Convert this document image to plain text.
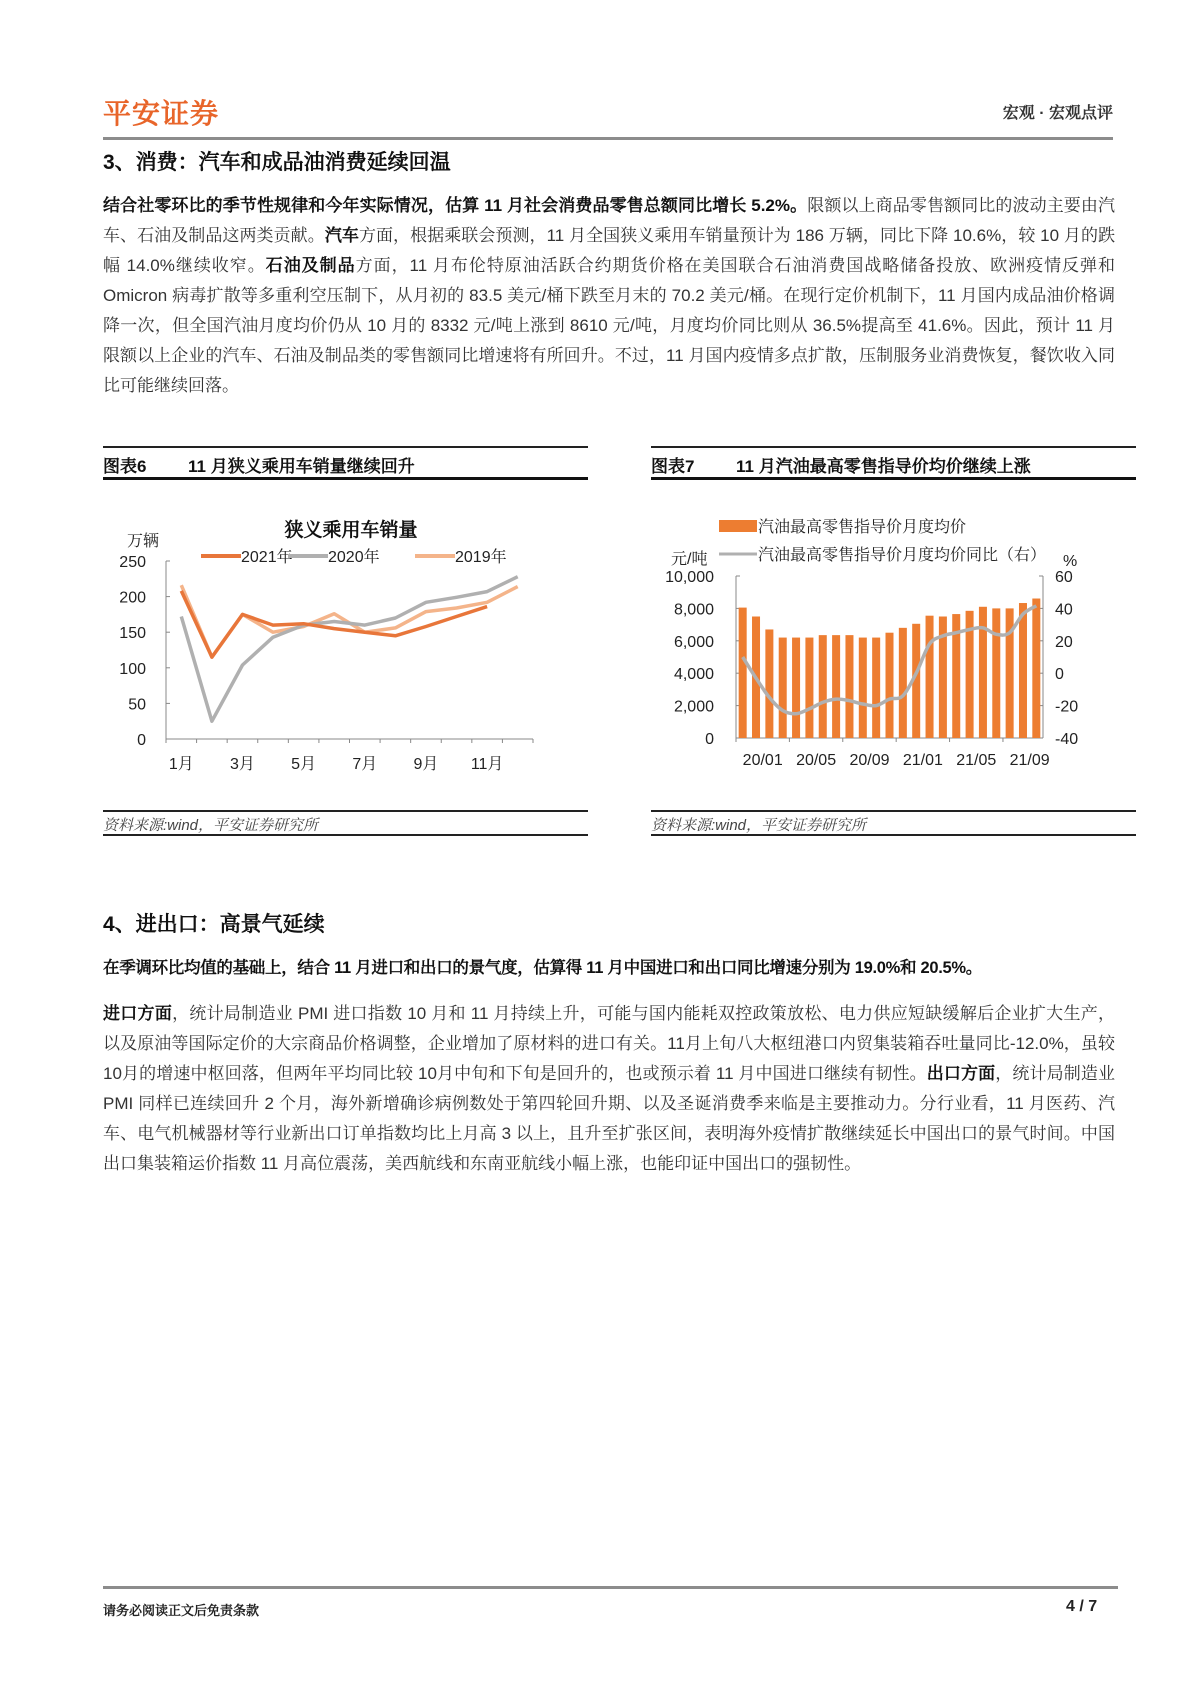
平安证券	宏观 · 宏观点评
3、消费：汽车和成品油消费延续回温
结合社零环比的季节性规律和今年实际情况，估算 11 月社会消费品零售总额同比增长 5.2%。限额以上商品零售额同比的波动主要由汽车、石油及制品这两类贡献。汽车方面，根据乘联会预测，11 月全国狭义乘用车销量预计为 186 万辆，同比下降 10.6%，较 10 月的跌幅 14.0%继续收窄。石油及制品方面，11 月布伦特原油活跃合约期货价格在美国联合石油消费国战略储备投放、欧洲疫情反弹和 Omicron 病毒扩散等多重利空压制下，从月初的 83.5 美元/桶下跌至月末的 70.2 美元/桶。在现行定价机制下，11 月国内成品油价格调降一次，但全国汽油月度均价仍从 10 月的 8332 元/吨上涨到 8610 元/吨，月度均价同比则从 36.5%提高至 41.6%。因此，预计 11 月限额以上企业的汽车、石油及制品类的零售额同比增速将有所回升。不过，11 月国内疫情多点扩散，压制服务业消费恢复，餐饮收入同比可能继续回落。
图表6 11 月狭义乘用车销量继续回升
狭义乘用车销量
万辆
2021年 2020年	2019年
0
50
100
150
200
250
1月 3月 5月 7月 9月 11月
资料来源:wind，平安证券研究所
图表7 11 月汽油最高零售指导价均价继续上涨
汽油最高零售指导价月度均价
汽油最高零售指导价月度均价同比（右）
元/吨	%
0
2,000
4,000
6,000
8,000
10,000
-40
-20
0
20
40
60
20/01 20/05 20/09 21/01 21/05 21/09
资料来源:wind，平安证券研究所
4、进出口：高景气延续
在季调环比均值的基础上，结合 11 月进口和出口的景气度，估算得 11 月中国进口和出口同比增速分别为 19.0%和 20.5%。
进口方面，统计局制造业 PMI 进口指数 10 月和 11 月持续上升，可能与国内能耗双控政策放松、电力供应短缺缓解后企业扩大生产，以及原油等国际定价的大宗商品价格调整，企业增加了原材料的进口有关。11月上旬八大枢纽港口内贸集装箱吞吐量同比-12.0%，虽较 10月的增速中枢回落，但两年平均同比较 10月中旬和下旬是回升的，也或预示着 11 月中国进口继续有韧性。出口方面，统计局制造业 PMI 同样已连续回升 2 个月，海外新增确诊病例数处于第四轮回升期、以及圣诞消费季来临是主要推动力。分行业看，11 月医药、汽车、电气机械器材等行业新出口订单指数均比上月高 3 以上，且升至扩张区间，表明海外疫情扩散继续延长中国出口的景气时间。中国出口集装箱运价指数 11 月高位震荡，美西航线和东南亚航线小幅上涨，也能印证中国出口的强韧性。
请务必阅读正文后免责条款	4 / 7
